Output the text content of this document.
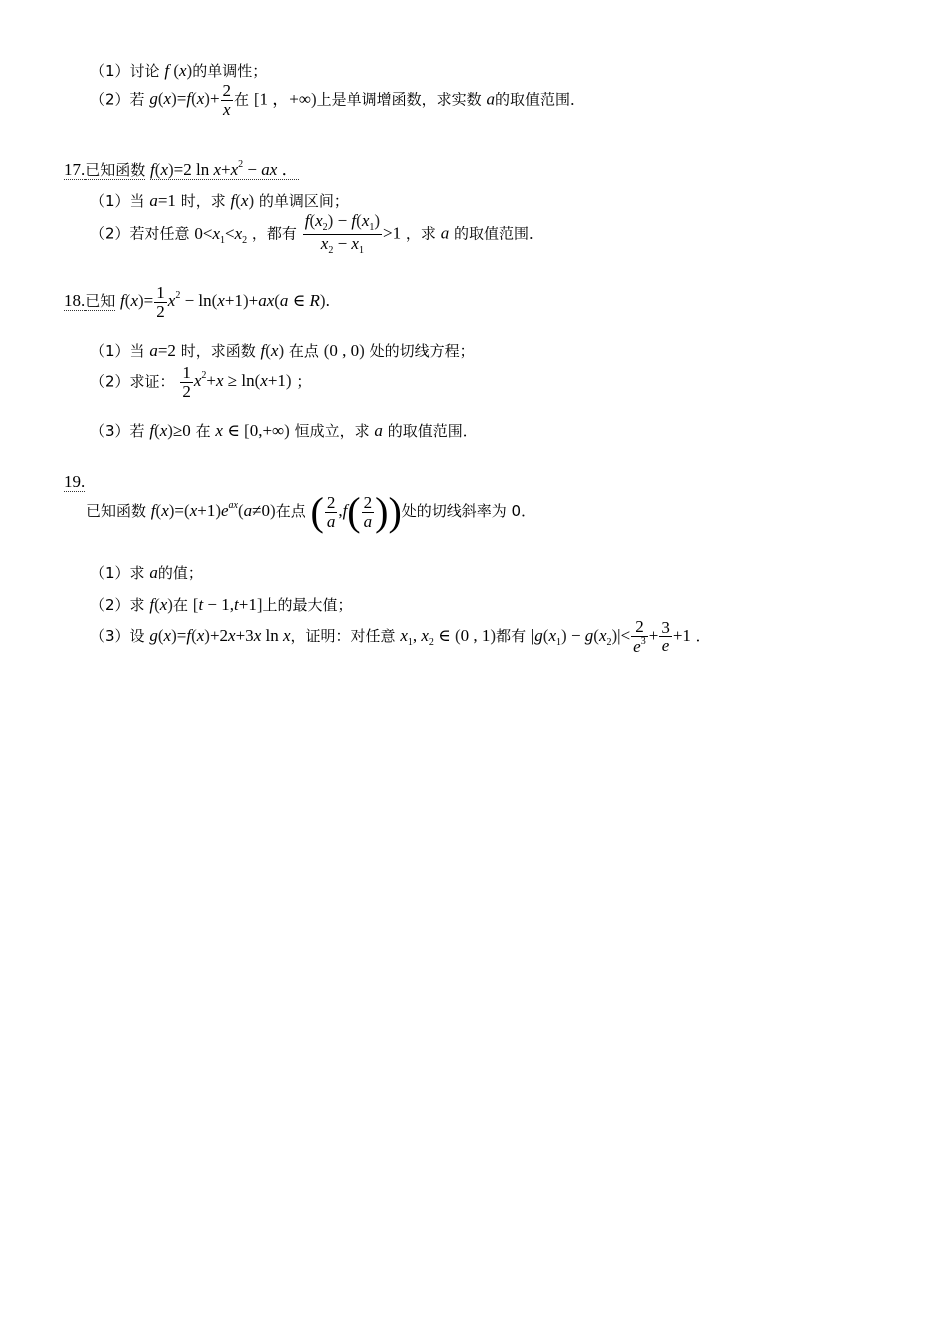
（1）讨论 f (x)的单调性；
（2）若 $g(x)=f(x)+ \frac{2}{x}$ 在 [1 ，+∞)上是单调增函数，求实数 a的取值范围．
17.已知函数 f(x)=2 $\ln x+x^2$ − ax ．
（1）当 a=1 时，求 f(x) 的单调区间；
（2）若对任意 $0<x_1<x_2$ ，都有 $\frac{f(x_2) - f(x_1)}{x_2 - x_1} >1$ ，求 a 的取值范围．
18.已知 $f(x)= \frac{1}{2} x^2 - \ln(x+1)+ax(a$ ∈ R).
（1）当 a=2 时，求函数 f(x) 在点 (0 , 0) 处的切线方程；
（2）求证： $\frac{1}{2} x^2+x \ge \ln(x+1)$ ；
（3）若 f(x)≥0 在 x ∈ [0,+∞) 恒成立，求 a 的取值范围．
19.
已知函数 $f(x)=(x+1)e^{ax}(a\ne 0)$在点 ( $\frac{2}{a} ,f( \frac{2}{a}$ ))处的切线斜率为 0．
（1）求 a的值；
（2）求 f(x)在 [t − 1,t+1]上的最大值；
（3）设 g(x)=f(x)+2x+3x ln x，证明：对任意 $x_1$, $x_2$ ∈ (0 , 1)都有 $|g(x_1) - g(x_2)|< \frac{2}{e^3} + \frac{3}{e} +1$ ．
